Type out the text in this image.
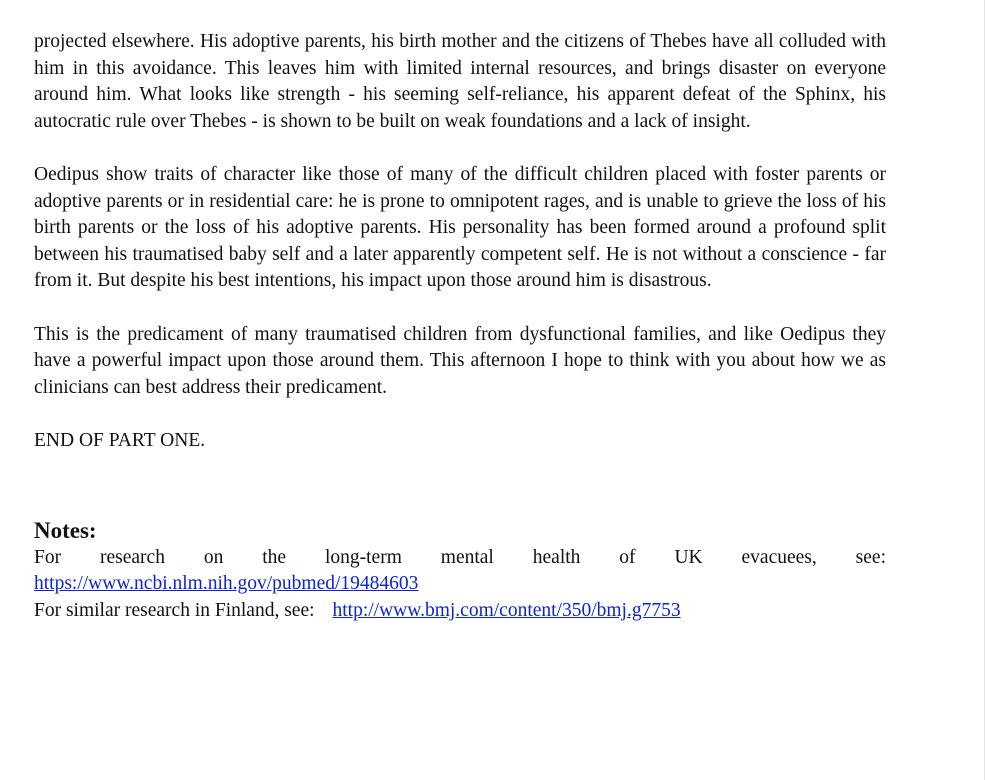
projected elsewhere. His adoptive parents, his birth mother and the citizens of Thebes have all colluded with him in this avoidance. This leaves him with limited internal resources, and brings disaster on everyone around him. What looks like strength - his seeming self-reliance, his apparent defeat of the Sphinx, his autocratic rule over Thebes - is shown to be built on weak foundations and a lack of insight.

Oedipus show traits of character like those of many of the difficult children placed with foster parents or adoptive parents or in residential care: he is prone to omnipotent rages, and is unable to grieve the loss of his birth parents or the loss of his adoptive parents. His personality has been formed around a profound split between his traumatised baby self and a later apparently competent self. He is not without a conscience - far from it. But despite his best intentions, his impact upon those around him is disastrous.

This is the predicament of many traumatised children from dysfunctional families, and like Oedipus they have a powerful impact upon those around them. This afternoon I hope to think with you about how we as clinicians can best address their predicament.

END OF PART ONE.

Notes:

For research on the long-term mental health of UK evacuees, see: https://www.ncbi.nlm.nih.gov/pubmed/19484603

For similar research in Finland, see: http://www.bmj.com/content/350/bmj.g7753
